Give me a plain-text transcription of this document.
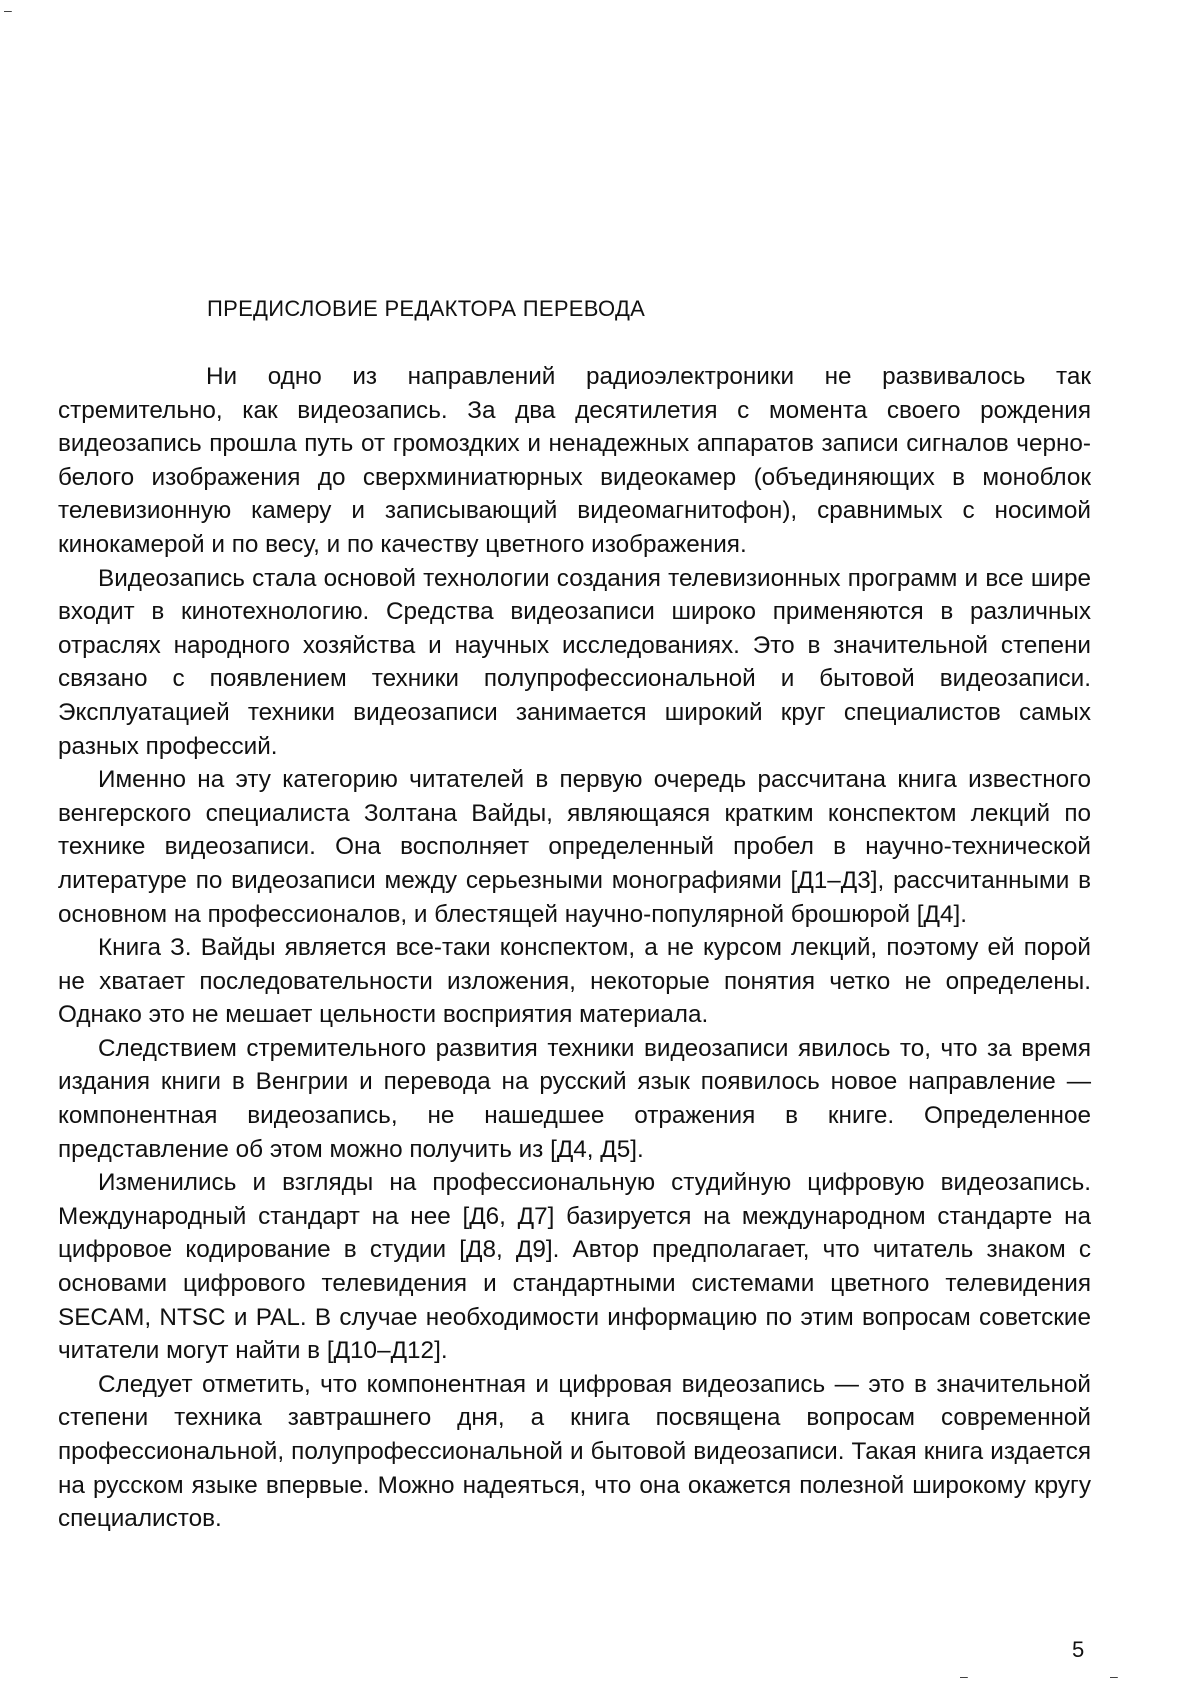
–
ПРЕДИСЛОВИЕ РЕДАКТОРА ПЕРЕВОДА

Ни одно из направлений радиоэлектроники не развивалось так стремительно, как видеозапись. За два десятилетия с момента своего рождения видеозапись прошла путь от громоздких и ненадежных аппаратов записи сигналов черно-белого изображения до сверхминиатюрных видеокамер (объединяющих в моноблок телевизионную камеру и записывающий видеомагнитофон), сравнимых с носимой кинокамерой и по весу, и по качеству цветного изображения.

Видеозапись стала основой технологии создания телевизионных программ и все шире входит в кинотехнологию. Средства видеозаписи широко применяются в различных отраслях народного хозяйства и научных исследованиях. Это в значительной степени связано с появлением техники полупрофессиональной и бытовой видеозаписи. Эксплуатацией техники видеозаписи занимается широкий круг специалистов самых разных профессий.

Именно на эту категорию читателей в первую очередь рассчитана книга известного венгерского специалиста Золтана Вайды, являющаяся кратким конспектом лекций по технике видеозаписи. Она восполняет определенный пробел в научно-технической литературе по видеозаписи между серьезными монографиями [Д1–Д3], рассчитанными в основном на профессионалов, и блестящей научно-популярной брошюрой [Д4].

Книга З. Вайды является все-таки конспектом, а не курсом лекций, поэтому ей порой не хватает последовательности изложения, некоторые понятия четко не определены. Однако это не мешает цельности восприятия материала.

Следствием стремительного развития техники видеозаписи явилось то, что за время издания книги в Венгрии и перевода на русский язык появилось новое направление — компонентная видеозапись, не нашедшее отражения в книге. Определенное представление об этом можно получить из [Д4, Д5].

Изменились и взгляды на профессиональную студийную цифровую видеозапись. Международный стандарт на нее [Д6, Д7] базируется на международном стандарте на цифровое кодирование в студии [Д8, Д9]. Автор предполагает, что читатель знаком с основами цифрового телевидения и стандартными системами цветного телевидения SECAM, NTSC и PAL. В случае необходимости информацию по этим вопросам советские читатели могут найти в [Д10–Д12].

Следует отметить, что компонентная и цифровая видеозапись — это в значительной степени техника завтрашнего дня, а книга посвящена вопросам современной профессиональной, полупрофессиональной и бытовой видеозаписи. Такая книга издается на русском языке впервые. Можно надеяться, что она окажется полезной широкому кругу специалистов.

5
–	–
